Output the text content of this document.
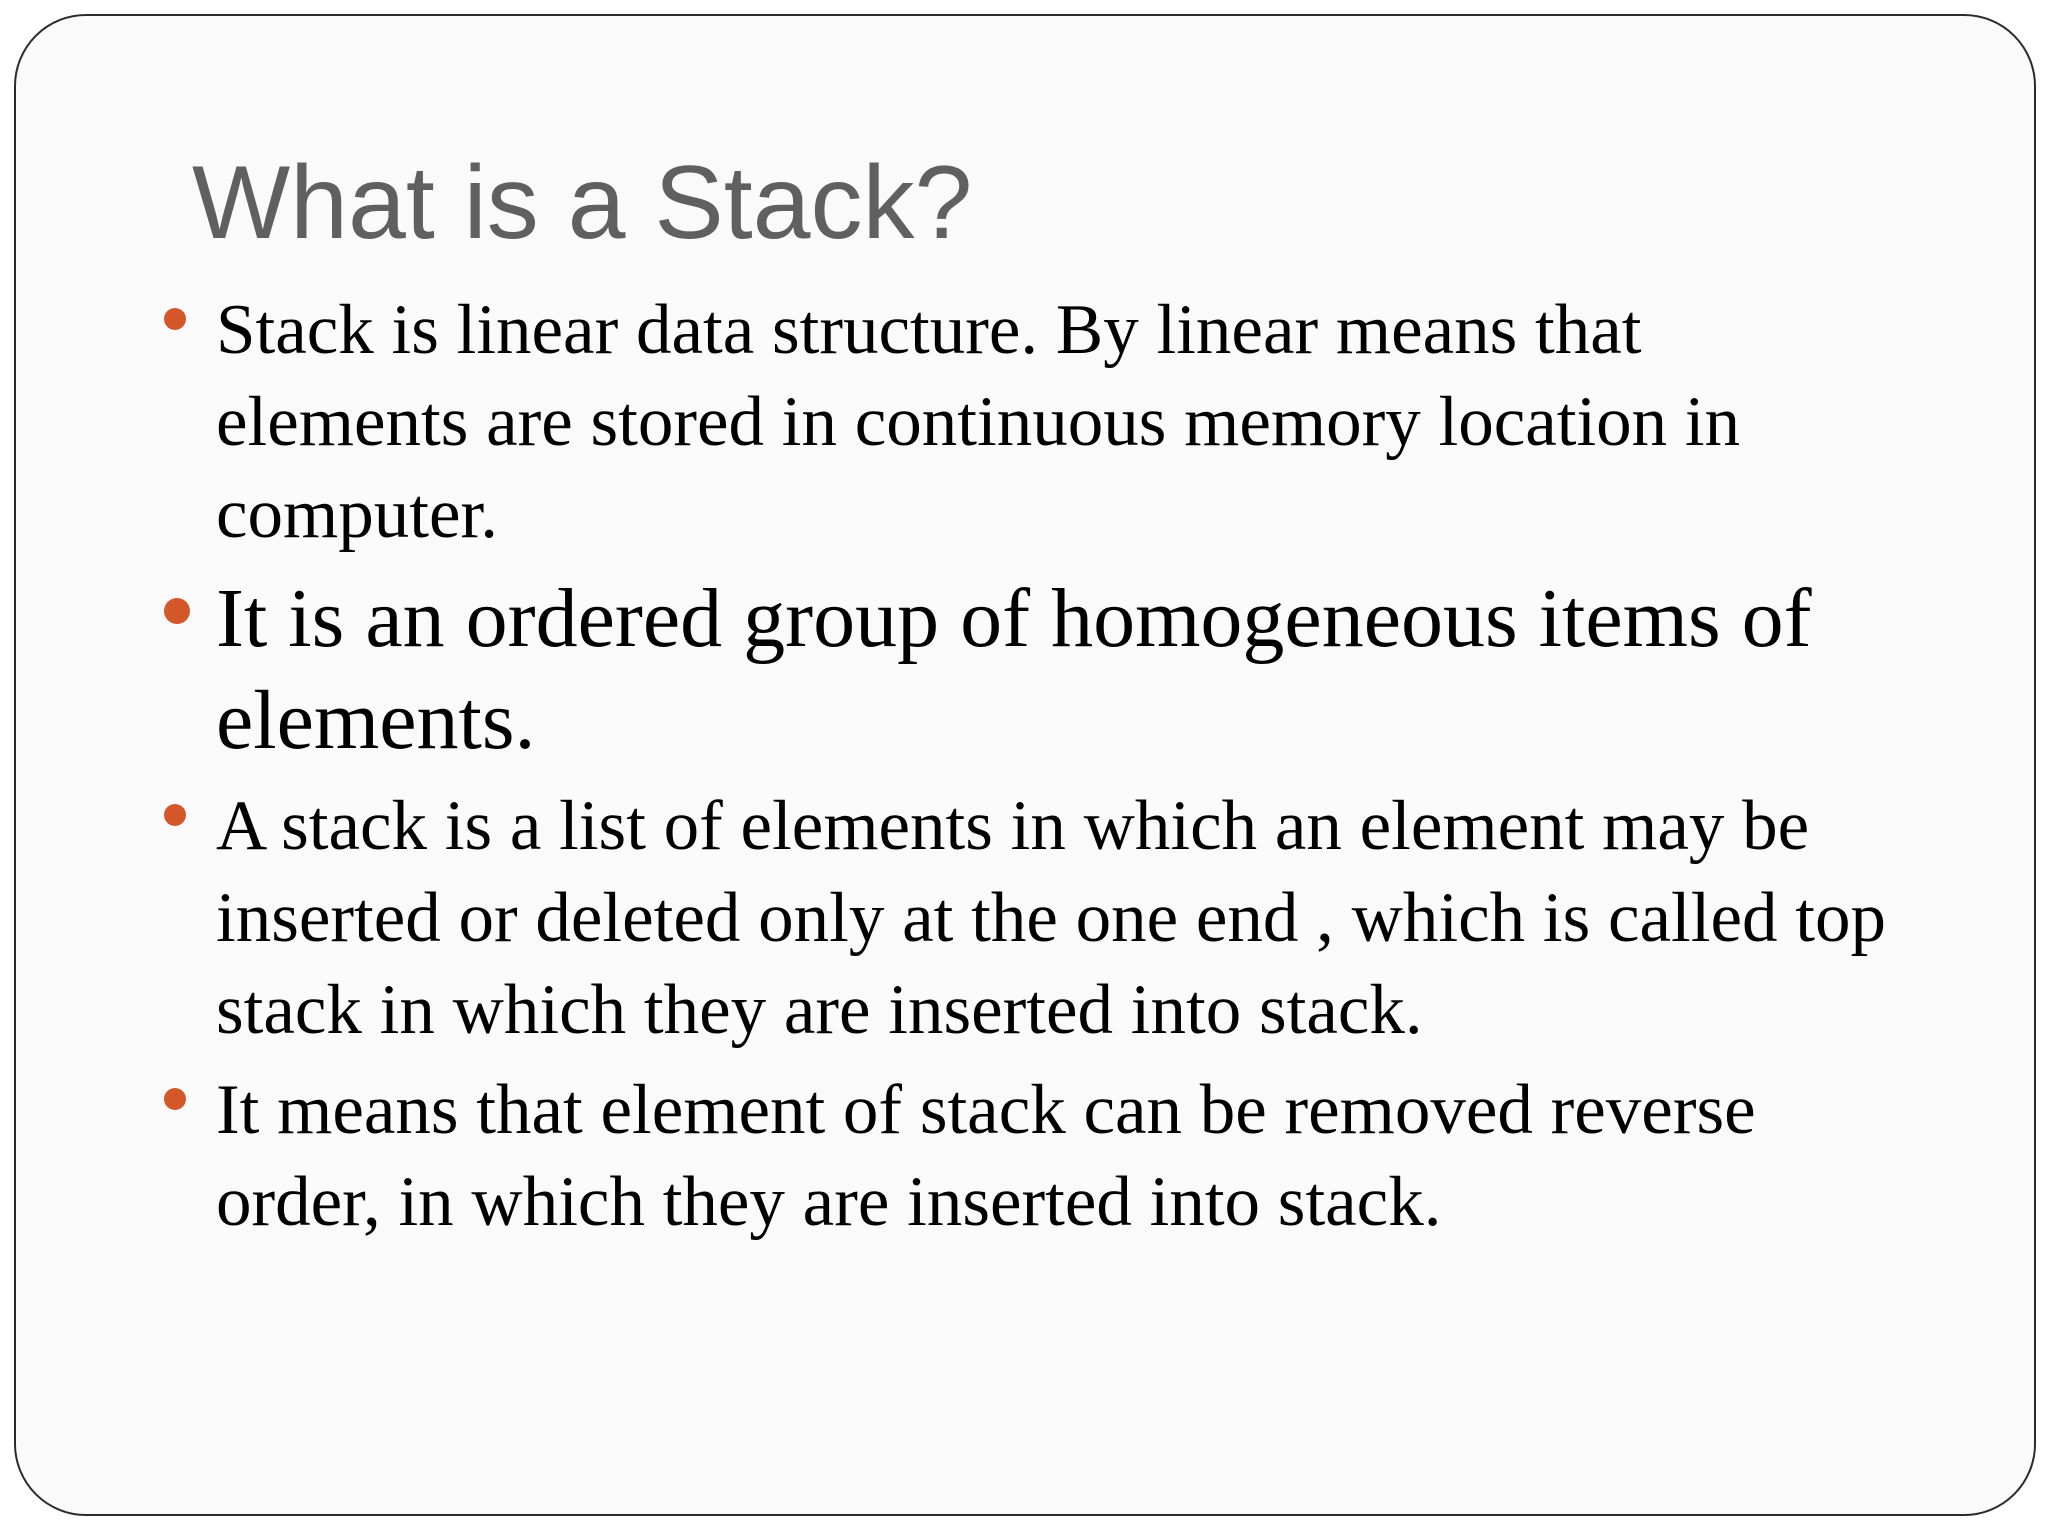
What is a Stack?
Stack is linear data structure. By linear means that elements are stored in continuous memory location in computer.
It is an ordered group of homogeneous items of elements.
A stack is a list of elements in which an element may be inserted or deleted only at the one end , which is called top stack in which they are inserted into stack.
It means that element of stack can be removed reverse order, in which they are inserted into stack.
